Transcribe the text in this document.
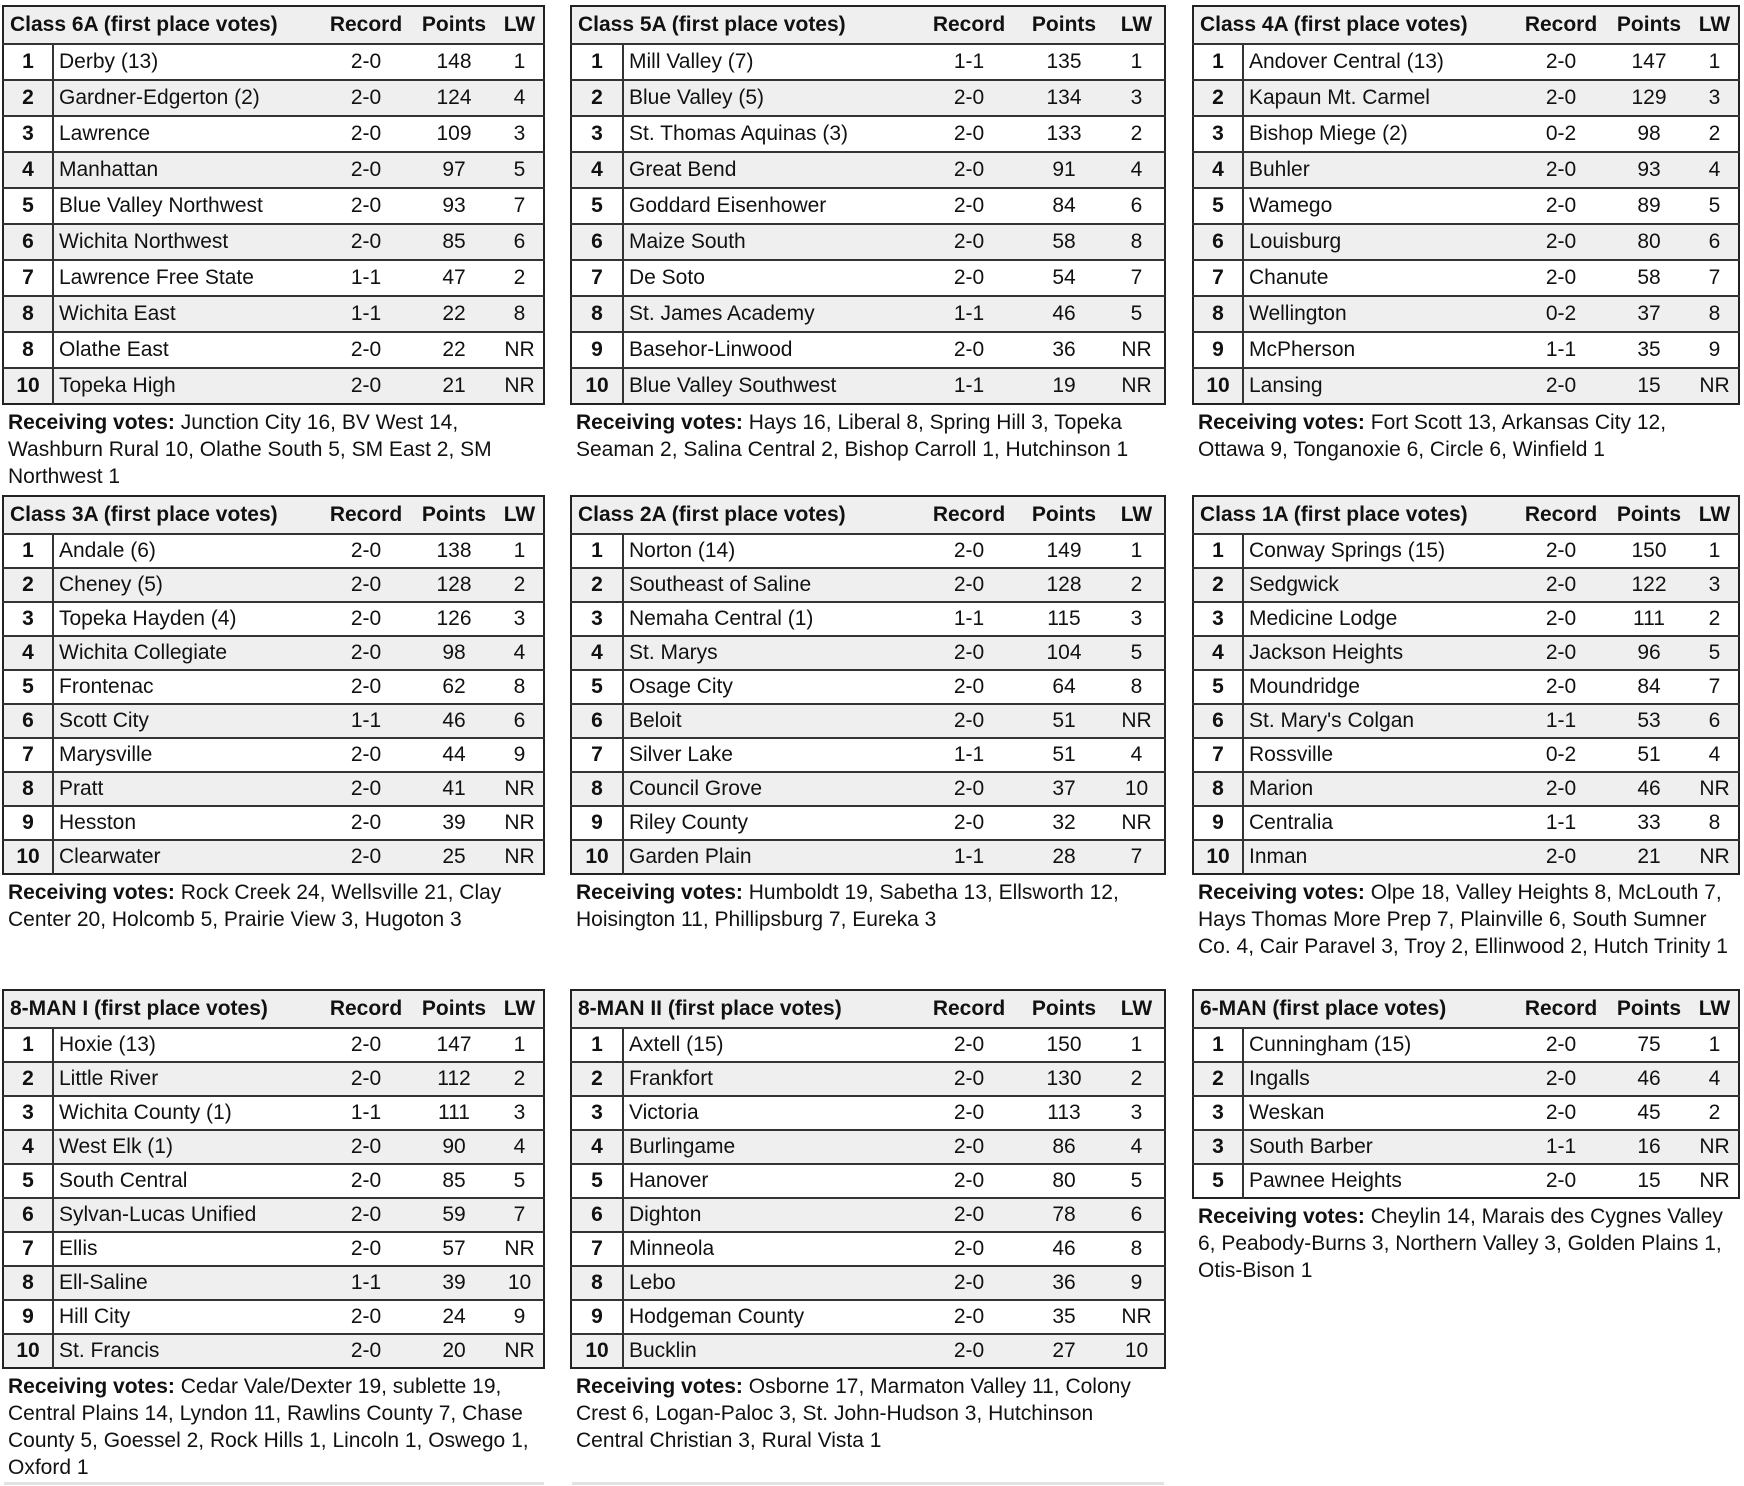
Class 6A (first place votes)		Record	Points	LW
1	Derby (13)	2-0	148	1
2	Gardner-Edgerton (2)	2-0	124	4
3	Lawrence	2-0	109	3
4	Manhattan	2-0	97	5
5	Blue Valley Northwest	2-0	93	7
6	Wichita Northwest	2-0	85	6
7	Lawrence Free State	1-1	47	2
8	Wichita East	1-1	22	8
8	Olathe East	2-0	22	NR
10	Topeka High	2-0	21	NR
Receiving votes: Junction City 16, BV West 14, Washburn Rural 10, Olathe South 5, SM East 2, SM Northwest 1
Class 5A (first place votes)		Record	Points	LW
1	Mill Valley (7)	1-1	135	1
2	Blue Valley (5)	2-0	134	3
3	St. Thomas Aquinas (3)	2-0	133	2
4	Great Bend	2-0	91	4
5	Goddard Eisenhower	2-0	84	6
6	Maize South	2-0	58	8
7	De Soto	2-0	54	7
8	St. James Academy	1-1	46	5
9	Basehor-Linwood	2-0	36	NR
10	Blue Valley Southwest	1-1	19	NR
Receiving votes: Hays 16, Liberal 8, Spring Hill 3, Topeka Seaman 2, Salina Central 2, Bishop Carroll 1, Hutchinson 1
Class 4A (first place votes)		Record	Points	LW
1	Andover Central (13)	2-0	147	1
2	Kapaun Mt. Carmel	2-0	129	3
3	Bishop Miege (2)	0-2	98	2
4	Buhler	2-0	93	4
5	Wamego	2-0	89	5
6	Louisburg	2-0	80	6
7	Chanute	2-0	58	7
8	Wellington	0-2	37	8
9	McPherson	1-1	35	9
10	Lansing	2-0	15	NR
Receiving votes: Fort Scott 13, Arkansas City 12, Ottawa 9, Tonganoxie 6, Circle 6, Winfield 1
Class 3A (first place votes)		Record	Points	LW
1	Andale (6)	2-0	138	1
2	Cheney (5)	2-0	128	2
3	Topeka Hayden (4)	2-0	126	3
4	Wichita Collegiate	2-0	98	4
5	Frontenac	2-0	62	8
6	Scott City	1-1	46	6
7	Marysville	2-0	44	9
8	Pratt	2-0	41	NR
9	Hesston	2-0	39	NR
10	Clearwater	2-0	25	NR
Receiving votes: Rock Creek 24, Wellsville 21, Clay Center 20, Holcomb 5, Prairie View 3, Hugoton 3
Class 2A (first place votes)		Record	Points	LW
1	Norton (14)	2-0	149	1
2	Southeast of Saline	2-0	128	2
3	Nemaha Central (1)	1-1	115	3
4	St. Marys	2-0	104	5
5	Osage City	2-0	64	8
6	Beloit	2-0	51	NR
7	Silver Lake	1-1	51	4
8	Council Grove	2-0	37	10
9	Riley County	2-0	32	NR
10	Garden Plain	1-1	28	7
Receiving votes: Humboldt 19, Sabetha 13, Ellsworth 12, Hoisington 11, Phillipsburg 7, Eureka 3
Class 1A (first place votes)		Record	Points	LW
1	Conway Springs (15)	2-0	150	1
2	Sedgwick	2-0	122	3
3	Medicine Lodge	2-0	111	2
4	Jackson Heights	2-0	96	5
5	Moundridge	2-0	84	7
6	St. Mary's Colgan	1-1	53	6
7	Rossville	0-2	51	4
8	Marion	2-0	46	NR
9	Centralia	1-1	33	8
10	Inman	2-0	21	NR
Receiving votes: Olpe 18, Valley Heights 8, McLouth 7, Hays Thomas More Prep 7, Plainville 6, South Sumner Co. 4, Cair Paravel 3, Troy 2, Ellinwood 2, Hutch Trinity 1
8-MAN I (first place votes)		Record	Points	LW
1	Hoxie (13)	2-0	147	1
2	Little River	2-0	112	2
3	Wichita County (1)	1-1	111	3
4	West Elk (1)	2-0	90	4
5	South Central	2-0	85	5
6	Sylvan-Lucas Unified	2-0	59	7
7	Ellis	2-0	57	NR
8	Ell-Saline	1-1	39	10
9	Hill City	2-0	24	9
10	St. Francis	2-0	20	NR
Receiving votes: Cedar Vale/Dexter 19, sublette 19, Central Plains 14, Lyndon 11, Rawlins County 7, Chase County 5, Goessel 2, Rock Hills 1, Lincoln 1, Oswego 1, Oxford 1
8-MAN II (first place votes)		Record	Points	LW
1	Axtell (15)	2-0	150	1
2	Frankfort	2-0	130	2
3	Victoria	2-0	113	3
4	Burlingame	2-0	86	4
5	Hanover	2-0	80	5
6	Dighton	2-0	78	6
7	Minneola	2-0	46	8
8	Lebo	2-0	36	9
9	Hodgeman County	2-0	35	NR
10	Bucklin	2-0	27	10
Receiving votes: Osborne 17, Marmaton Valley 11, Colony Crest 6, Logan-Paloc 3, St. John-Hudson 3, Hutchinson Central Christian 3, Rural Vista 1
6-MAN (first place votes)		Record	Points	LW
1	Cunningham (15)	2-0	75	1
2	Ingalls	2-0	46	4
3	Weskan	2-0	45	2
3	South Barber	1-1	16	NR
5	Pawnee Heights	2-0	15	NR
Receiving votes: Cheylin 14, Marais des Cygnes Valley 6, Peabody-Burns 3, Northern Valley 3, Golden Plains 1, Otis-Bison 1
